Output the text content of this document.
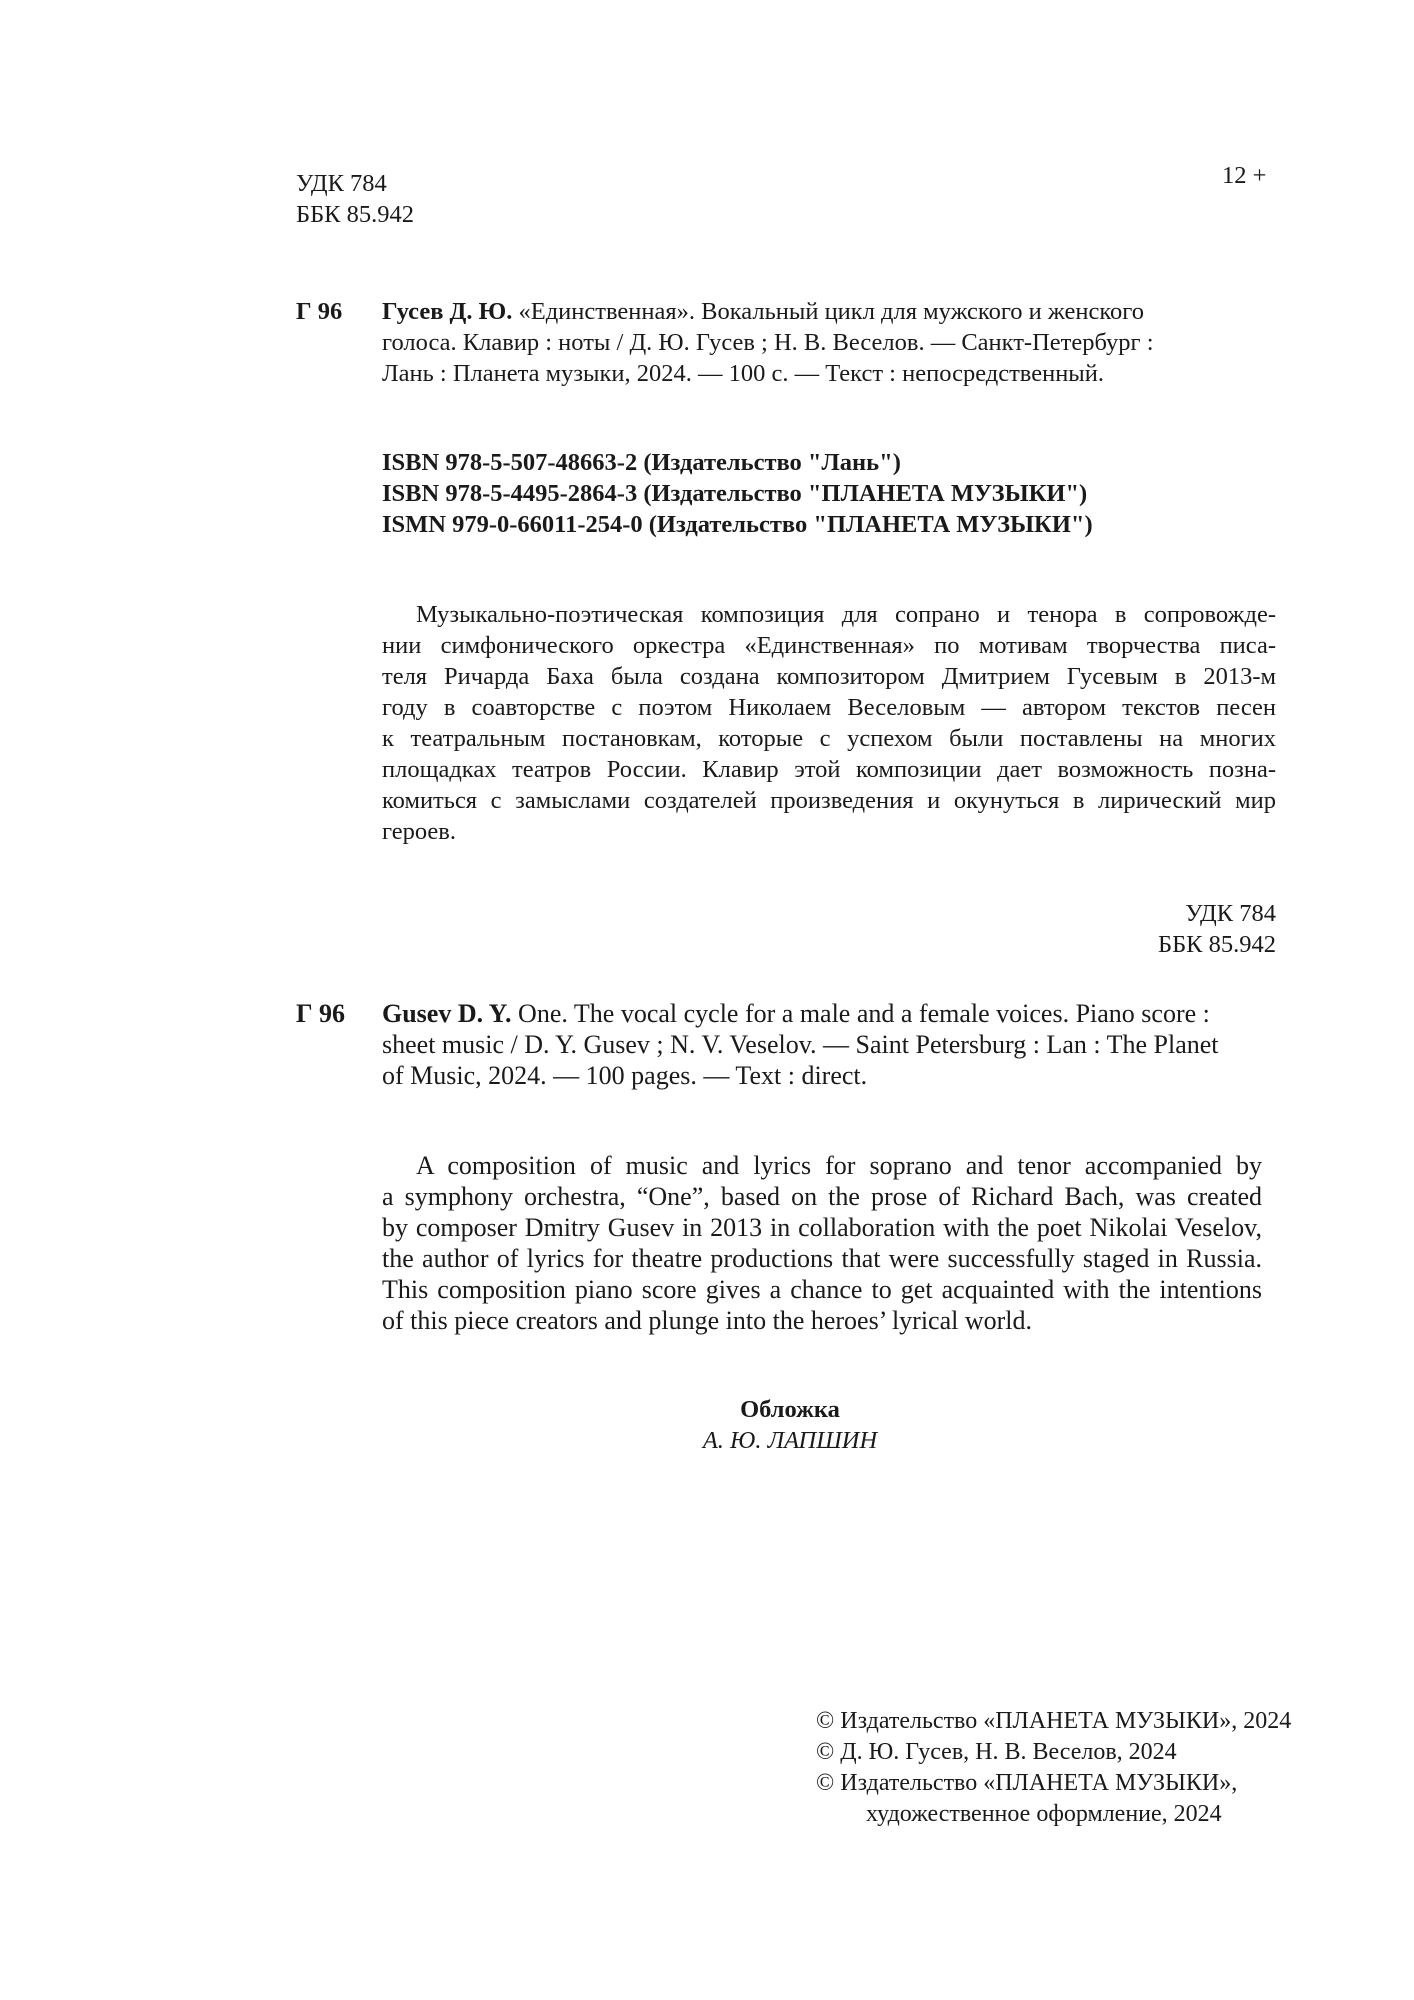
УДК 784
ББК 85.942
12 +
Г 96 Гусев Д. Ю. «Единственная». Вокальный цикл для мужского и женского
голоса. Клавир : ноты / Д. Ю. Гусев ; Н. В. Веселов. — Санкт-Петербург :
Лань : Планета музыки, 2024. — 100 с. — Текст : непосредственный.
ISBN 978-5-507-48663-2 (Издательство "Лань")
ISBN 978-5-4495-2864-3 (Издательство "ПЛАНЕТА МУЗЫКИ")
ISMN 979-0-66011-254-0 (Издательство "ПЛАНЕТА МУЗЫКИ")
Музыкально-поэтическая композиция для сопрано и тенора в сопровожде-
нии симфонического оркестра «Единственная» по мотивам творчества писа-
теля Ричарда Баха была создана композитором Дмитрием Гусевым в 2013-м
году в соавторстве с поэтом Николаем Веселовым — автором текстов песен
к театральным постановкам, которые с успехом были поставлены на многих
площадках театров России. Клавир этой композиции дает возможность позна-
комиться с замыслами создателей произведения и окунуться в лирический мир
героев.
УДК 784
ББК 85.942
Г 96 Gusev D. Y. One. The vocal cycle for a male and a female voices. Piano score :
sheet music / D. Y. Gusev ; N. V. Veselov. — Saint Petersburg : Lan : The Planet
of Music, 2024. — 100 pages. — Text : direct.
A composition of music and lyrics for soprano and tenor accompanied by
a symphony orchestra, “One”, based on the prose of Richard Bach, was created
by composer Dmitry Gusev in 2013 in collaboration with the poet Nikolai Veselov,
the author of lyrics for theatre productions that were successfully staged in Russia.
This composition piano score gives a chance to get acquainted with the intentions
of this piece creators and plunge into the heroes’ lyrical world.
Обложка
А. Ю. ЛАПШИН
© Издательство «ПЛАНЕТА МУЗЫКИ», 2024
© Д. Ю. Гусев, Н. В. Веселов, 2024
© Издательство «ПЛАНЕТА МУЗЫКИ»,
художественное оформление, 2024
